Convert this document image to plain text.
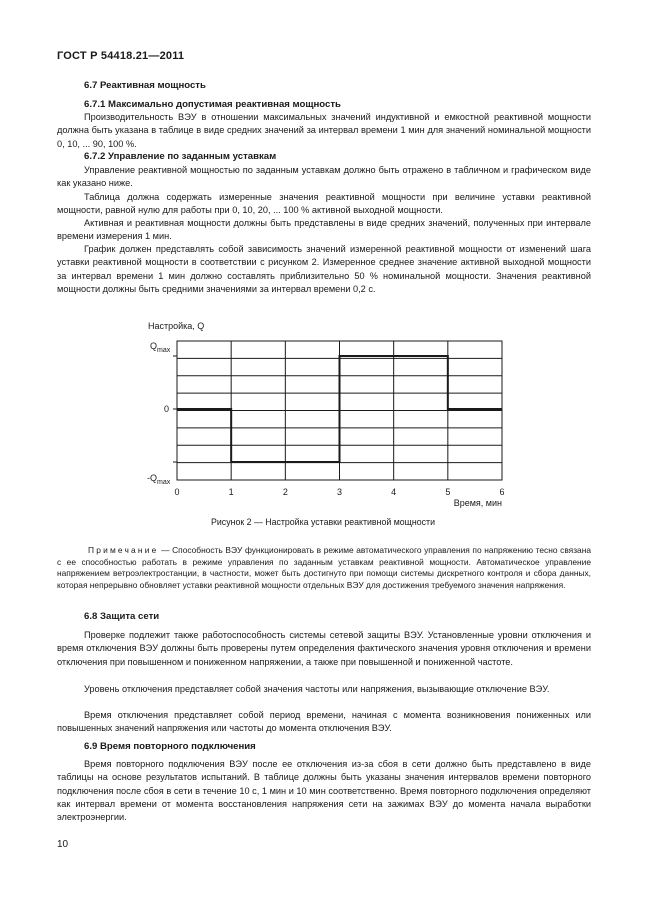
ГОСТ Р 54418.21—2011
6.7 Реактивная мощность
6.7.1 Максимально допустимая реактивная мощность

Производительность ВЭУ в отношении максимальных значений индуктивной и емкостной реактивной мощности должна быть указана в таблице в виде средних значений за интервал времени 1 мин для значений номинальной мощности 0, 10, ... 90, 100 %.

6.7.2 Управление по заданным уставкам

Управление реактивной мощностью по заданным уставкам должно быть отражено в табличном и графическом виде как указано ниже.

Таблица должна содержать измеренные значения реактивной мощности при величине уставки реактивной мощности, равной нулю для работы при 0, 10, 20, ... 100 % активной выходной мощности.

Активная и реактивная мощности должны быть представлены в виде средних значений, полученных при интервале времени измерения 1 мин.

График должен представлять собой зависимость значений измеренной реактивной мощности от изменений шага уставки реактивной мощности в соответствии с рисунком 2. Измеренное среднее значение активной выходной мощности за интервал времени 1 мин должно составлять приблизительно 50 % номинальной мощности. Значения реактивной мощности должны быть средними значениями за интервал времени 0,2 с.

0	1	2	3	4	5	6
Время, мин
Настройка, Q
$Q_{max}$
0
$-Q_{max}$
Рисунок 2 — Настройка уставки реактивной мощности

Примечание — Способность ВЭУ функционировать в режиме автоматического управления по напряжению тесно связана с ее способностью работать в режиме управления по заданным уставкам реактивной мощности. Автоматическое управление напряжением ветроэлектростанции, в частности, может быть достигнуто при помощи системы дискретного контроля и сбора данных, которая непрерывно обновляет уставки реактивной мощности отдельных ВЭУ для достижения требуемого значения напряжения.

6.8 Защита сети

Проверке подлежит также работоспособность системы сетевой защиты ВЭУ. Установленные уровни отключения и время отключения ВЭУ должны быть проверены путем определения фактического значения уровня отключения и времени отключения при повышенном и пониженном напряжении, а также при повышенной и пониженной частоте.

Уровень отключения представляет собой значения частоты или напряжения, вызывающие отключение ВЭУ.

Время отключения представляет собой период времени, начиная с момента возникновения пониженных или повышенных значений напряжения или частоты до момента отключения ВЭУ.

6.9 Время повторного подключения

Время повторного подключения ВЭУ после ее отключения из-за сбоя в сети должно быть представлено в виде таблицы на основе результатов испытаний. В таблице должны быть указаны значения интервалов времени повторного подключения после сбоя в сети в течение 10 с, 1 мин и 10 мин соответственно. Время повторного подключения определяют как интервал времени от момента восстановления напряжения сети на зажимах ВЭУ до момента начала выработки электроэнергии.

10
